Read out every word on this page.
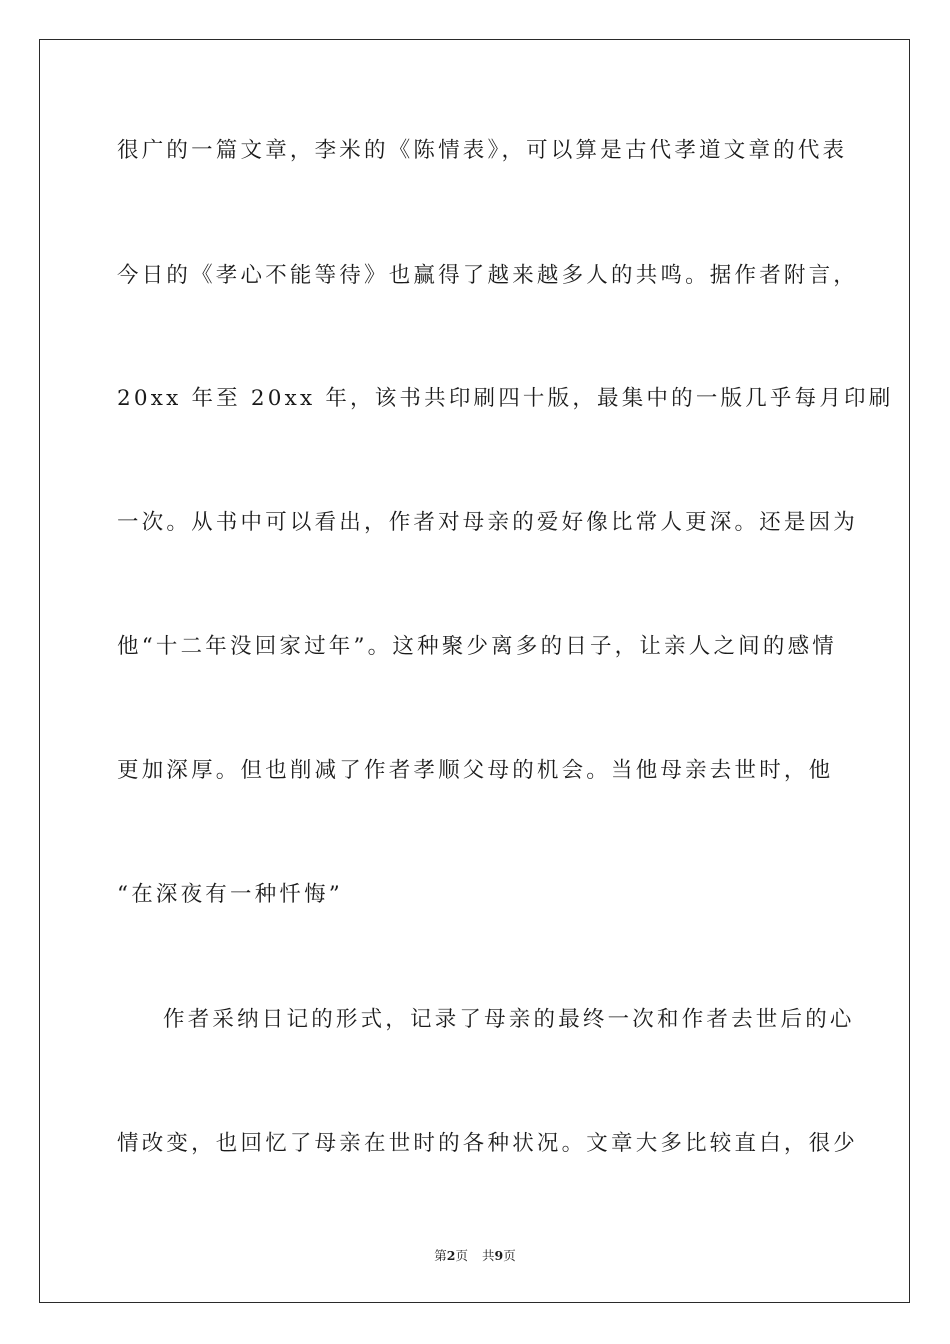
很广的一篇文章，李米的《陈情表》，可以算是古代孝道文章的代表
今日的《孝心不能等待》也赢得了越来越多人的共鸣。据作者附言，
20xx 年至 20xx 年，该书共印刷四十版，最集中的一版几乎每月印刷
一次。从书中可以看出，作者对母亲的爱好像比常人更深。还是因为
他“十二年没回家过年”。这种聚少离多的日子，让亲人之间的感情
更加深厚。但也削减了作者孝顺父母的机会。当他母亲去世时，他
“在深夜有一种忏悔”
作者采纳日记的形式，记录了母亲的最终一次和作者去世后的心
情改变，也回忆了母亲在世时的各种状况。文章大多比较直白，很少
第2页 共9页
